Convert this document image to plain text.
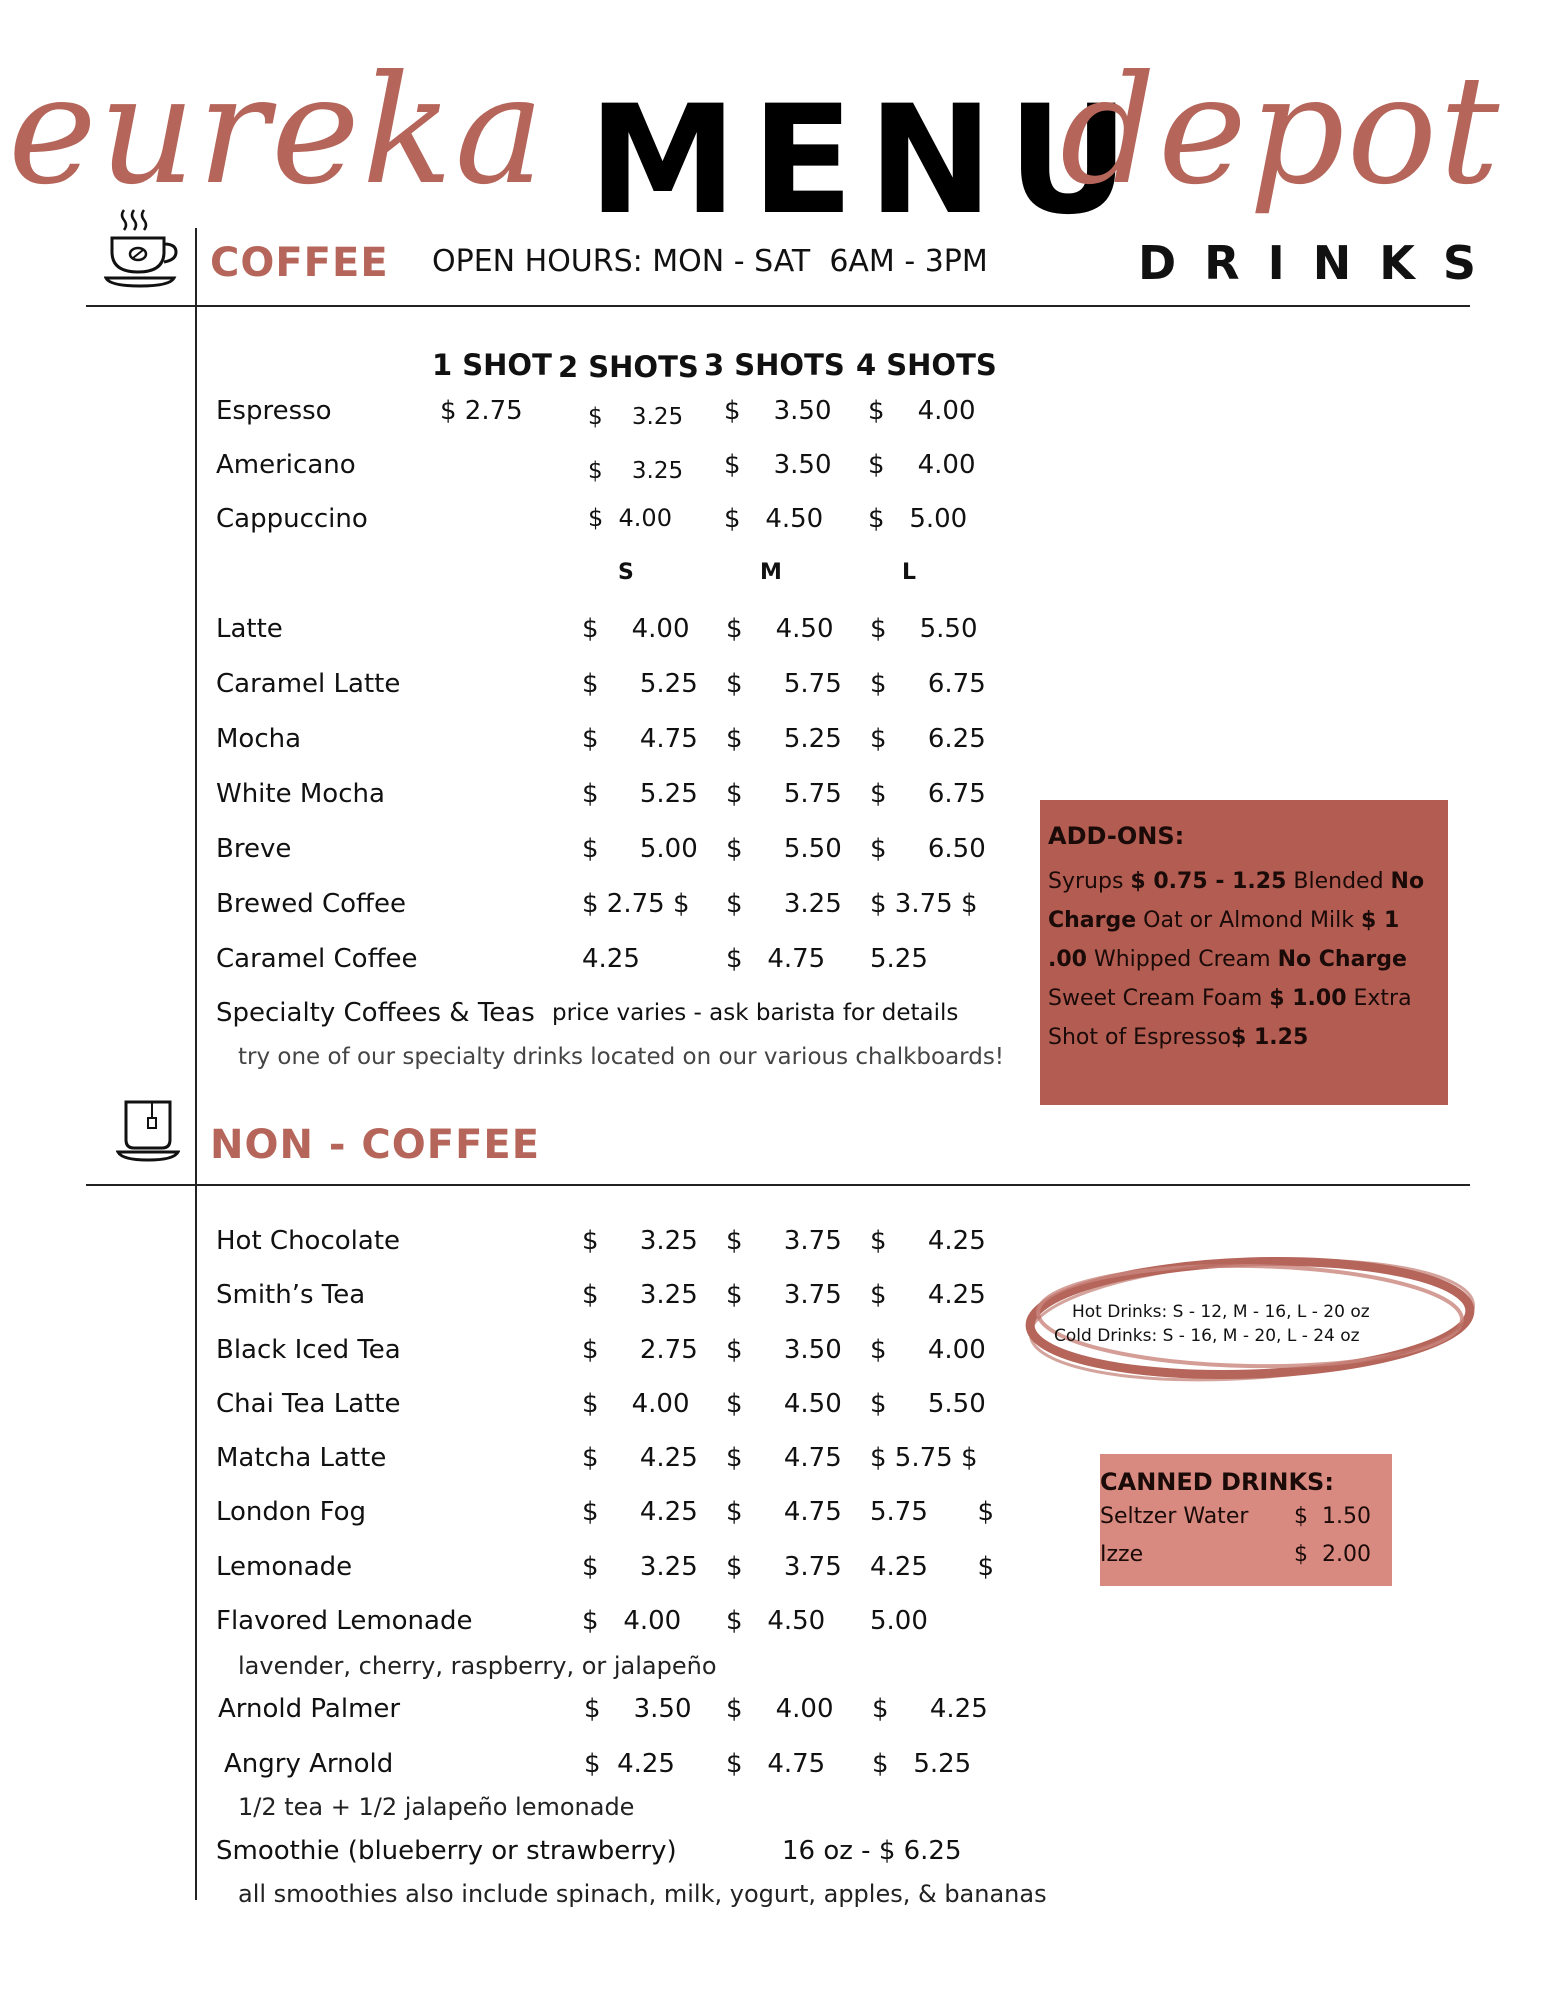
eureka MENU
depot
DRINKS
COFFEE OPEN HOURS: MON - SAT  6AM - 3PM
1 SHOT 2 SHOTS 3 SHOTS 4 SHOTS
Espresso	$ 2.75	$    3.25 $    3.50 $    4.00
Americano	$    3.25 $    3.50 $    4.00
Cappuccino	$  4.00 $   4.50 $   5.00
S	M	L
Latte	$    4.00 $    4.50 $    5.50
Caramel Latte	$     5.25 $     5.75 $     6.75
Mocha	$     4.75 $     5.25 $     6.25
White Mocha	$     5.25 $     5.75 $     6.75
Breve	$     5.00 $     5.50 $     6.50
Brewed Coffee	$ 2.75 $ $     3.25 $ 3.75 $
Caramel Coffee	4.25	$   4.75 5.25
Specialty Coffees & Teas price varies - ask barista for details
try one of our specialty drinks located on our various chalkboards!
ADD-ONS:
Syrups $ 0.75 - 1.25 Blended No
Charge Oat or Almond Milk $ 1
.00 Whipped Cream No Charge
Sweet Cream Foam $ 1.00 Extra
Shot of Espresso$ 1.25
NON - COFFEE
Hot Chocolate	$     3.25 $     3.75 $     4.25
Smith’s Tea	$     3.25 $     3.75 $     4.25
Black Iced Tea	$     2.75 $     3.50 $     4.00
Chai Tea Latte	$    4.00 $     4.50 $     5.50
Matcha Latte	$     4.25 $     4.75 $ 5.75 $
London Fog	$     4.25 $     4.75 5.75      $
Lemonade	$     3.25 $     3.75 4.25      $
Flavored Lemonade	$   4.00 $   4.50 5.00
lavender, cherry, raspberry, or jalapeño
Arnold Palmer	$    3.50 $    4.00 $     4.25
Angry Arnold	$  4.25 $   4.75 $   5.25
1/2 tea + 1/2 jalapeño lemonade
Smoothie (blueberry or strawberry)	16 oz - $ 6.25
all smoothies also include spinach, milk, yogurt, apples, & bananas
Hot Drinks: S - 12, M - 16, L - 20 oz
Cold Drinks: S - 16, M - 20, L - 24 oz
CANNED DRINKS:
Seltzer Water $  1.50
Izze	$  2.00
